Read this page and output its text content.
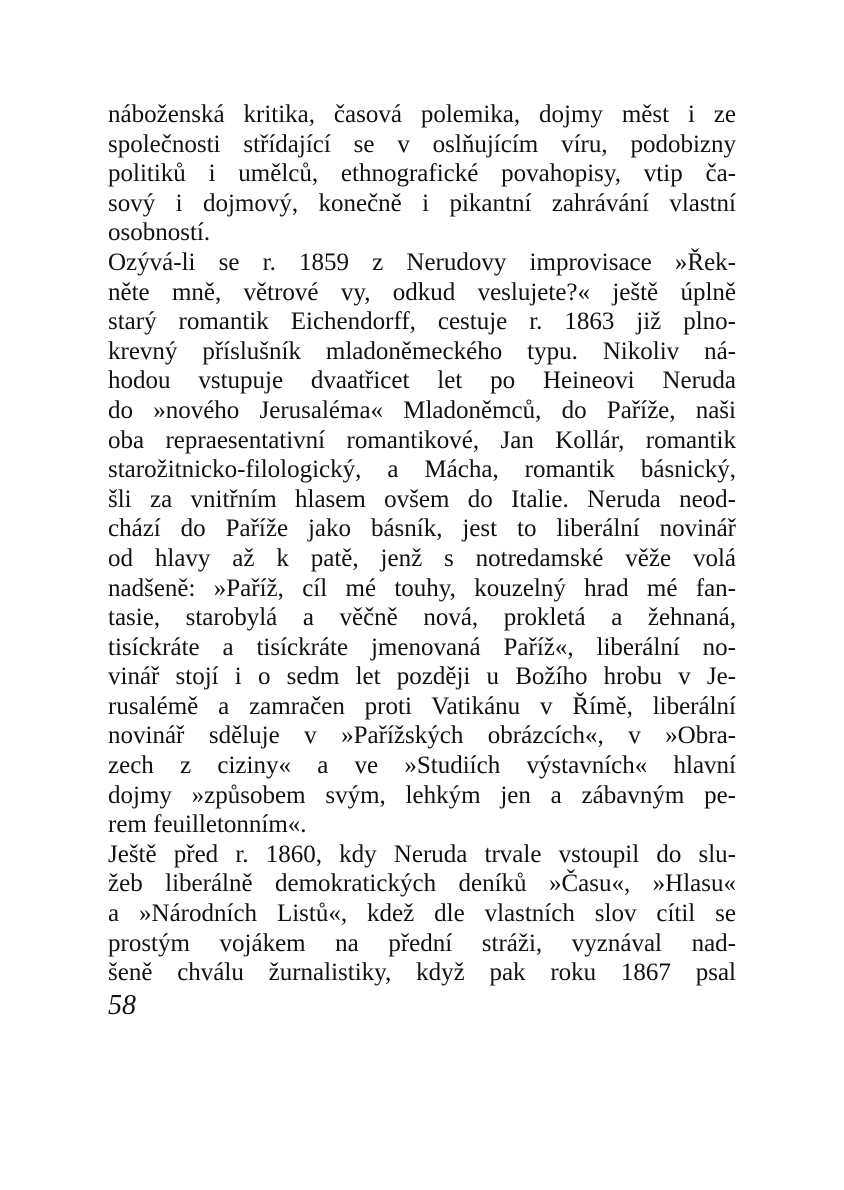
náboženská kritika, časová polemika, dojmy měst i ze
společnosti střídající se v oslňujícím víru, podobizny
politiků i umělců, ethnografické povahopisy, vtip ča-
sový i dojmový, konečně i pikantní zahrávání vlastní
osobností.
Ozývá-li se r. 1859 z Nerudovy improvisace »Řek-
něte mně, větrové vy, odkud veslujete?« ještě úplně
starý romantik Eichendorff, cestuje r. 1863 již plno-
krevný příslušník mladoněmeckého typu. Nikoliv ná-
hodou vstupuje dvaatřicet let po Heineovi Neruda
do »nového Jerusaléma« Mladoněmců, do Paříže, naši
oba repraesentativní romantikové, Jan Kollár, romantik
starožitnicko-filologický, a Mácha, romantik básnický,
šli za vnitřním hlasem ovšem do Italie. Neruda neod-
chází do Paříže jako básník, jest to liberální novinář
od hlavy až k patě, jenž s notredamské věže volá
nadšeně: »Paříž, cíl mé touhy, kouzelný hrad mé fan-
tasie, starobylá a věčně nová, prokletá a žehnaná,
tisíckráte a tisíckráte jmenovaná Paříž«, liberální no-
vinář stojí i o sedm let později u Božího hrobu v Je-
rusalémě a zamračen proti Vatikánu v Římě, liberální
novinář sděluje v »Pařížských obrázcích«, v »Obra-
zech z ciziny« a ve »Studiích výstavních« hlavní
dojmy »způsobem svým, lehkým jen a zábavným pe-
rem feuilletonním«.
Ještě před r. 1860, kdy Neruda trvale vstoupil do slu-
žeb liberálně demokratických deníků »Času«, »Hlasu«
a »Národních Listů«, kdež dle vlastních slov cítil se
prostým vojákem na přední stráži, vyznával nad-
šeně chválu žurnalistiky, když pak roku 1867 psal
58
